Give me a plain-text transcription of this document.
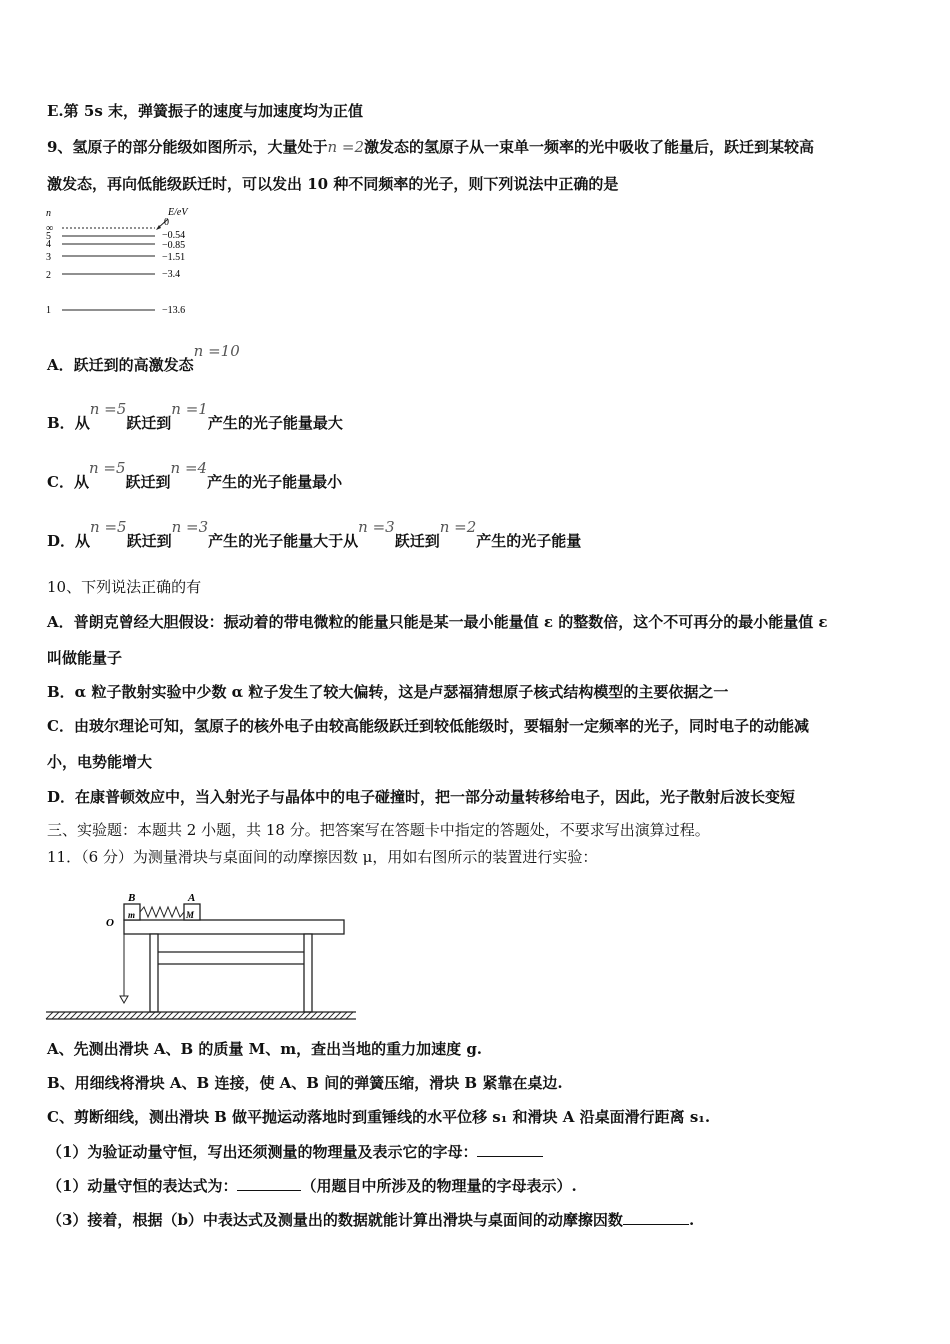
E.第 5s 末，弹簧振子的速度与加速度均为正值
9、氢原子的部分能级如图所示，大量处于n =2激发态的氢原子从一束单一频率的光中吸收了能量后，跃迁到某较高
激发态，再向低能级跃迁时，可以发出 10 种不同频率的光子，则下列说法中正确的是
n	E/eV
∞
5
4
3
2
1
0
−0.54
−0.85
−1.51
−3.4
−13.6
A．跃迁到的高激发态n =10
B．从n =5跃迁到n =1产生的光子能量最大
C．从n =5跃迁到n =4产生的光子能量最小
D．从n =5跃迁到n =3产生的光子能量大于从n =3跃迁到n =2产生的光子能量
10、下列说法正确的有
A．普朗克曾经大胆假设：振动着的带电微粒的能量只能是某一最小能量值 ε 的整数倍，这个不可再分的最小能量值 ε
叫做能量子
B．α 粒子散射实验中少数 α 粒子发生了较大偏转，这是卢瑟福猜想原子核式结构模型的主要依据之一
C．由玻尔理论可知，氢原子的核外电子由较高能级跃迁到较低能级时，要辐射一定频率的光子，同时电子的动能减
小，电势能增大
D．在康普顿效应中，当入射光子与晶体中的电子碰撞时，把一部分动量转移给电子，因此，光子散射后波长变短
三、实验题：本题共 2 小题，共 18 分。把答案写在答题卡中指定的答题处，不要求写出演算过程。
11．（6 分）为测量滑块与桌面间的动摩擦因数 μ，用如右图所示的装置进行实验：
m	M
B	A
O
A、先测出滑块 A、B 的质量 M、m，查出当地的重力加速度 g.
B、用细线将滑块 A、B 连接，使 A、B 间的弹簧压缩，滑块 B 紧靠在桌边.
C、剪断细线，测出滑块 B 做平抛运动落地时到重锤线的水平位移 s₁ 和滑块 A 沿桌面滑行距离 s₁.
（1）为验证动量守恒，写出还须测量的物理量及表示它的字母：
（1）动量守恒的表达式为：	（用题目中所涉及的物理量的字母表示）.
（3）接着，根据（b）中表达式及测量出的数据就能计算出滑块与桌面间的动摩擦因数	.
